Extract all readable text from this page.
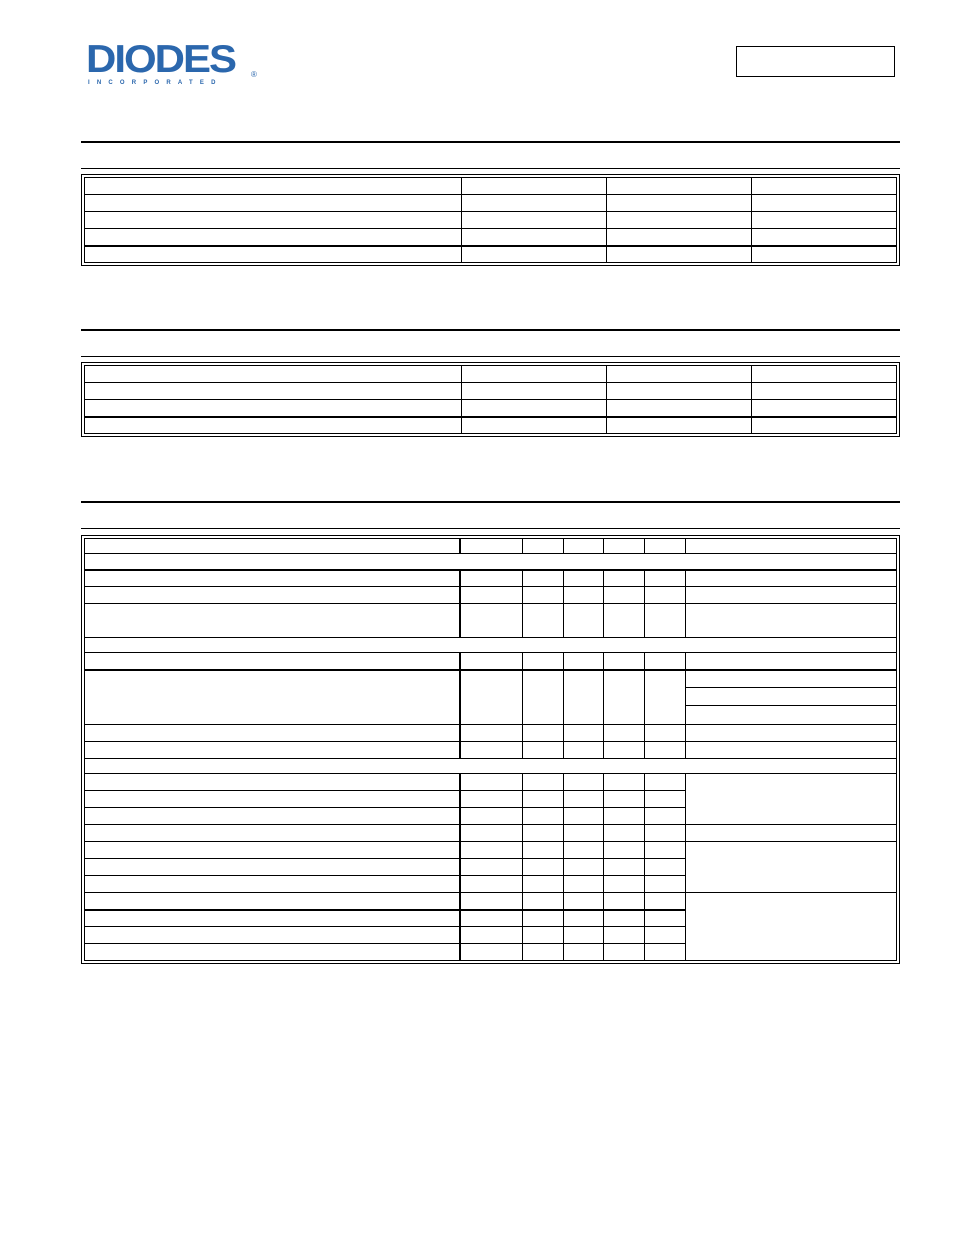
DIODES ®
INCORPORATED
